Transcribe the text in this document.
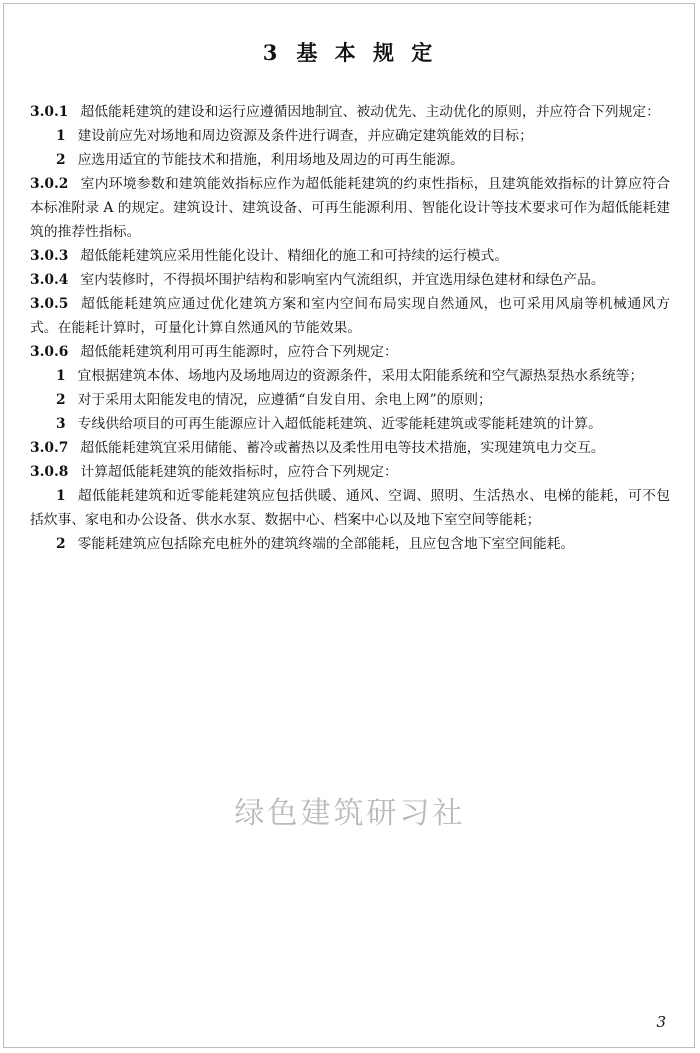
3 基 本 规 定

3.0.1 超低能耗建筑的建设和运行应遵循因地制宜、被动优先、主动优化的原则，并应符合下列规定：

1 建设前应先对场地和周边资源及条件进行调查，并应确定建筑能效的目标；

2 应选用适宜的节能技术和措施，利用场地及周边的可再生能源。

3.0.2 室内环境参数和建筑能效指标应作为超低能耗建筑的约束性指标，且建筑能效指标的计算应符合本标准附录 A 的规定。建筑设计、建筑设备、可再生能源利用、智能化设计等技术要求可作为超低能耗建筑的推荐性指标。

3.0.3 超低能耗建筑应采用性能化设计、精细化的施工和可持续的运行模式。

3.0.4 室内装修时，不得损坏围护结构和影响室内气流组织，并宜选用绿色建材和绿色产品。

3.0.5 超低能耗建筑应通过优化建筑方案和室内空间布局实现自然通风，也可采用风扇等机械通风方式。在能耗计算时，可量化计算自然通风的节能效果。

3.0.6 超低能耗建筑利用可再生能源时，应符合下列规定：

1 宜根据建筑本体、场地内及场地周边的资源条件，采用太阳能系统和空气源热泵热水系统等；

2 对于采用太阳能发电的情况，应遵循“自发自用、余电上网”的原则；

3 专线供给项目的可再生能源应计入超低能耗建筑、近零能耗建筑或零能耗建筑的计算。

3.0.7 超低能耗建筑宜采用储能、蓄冷或蓄热以及柔性用电等技术措施，实现建筑电力交互。

3.0.8 计算超低能耗建筑的能效指标时，应符合下列规定：

1 超低能耗建筑和近零能耗建筑应包括供暖、通风、空调、照明、生活热水、电梯的能耗，可不包括炊事、家电和办公设备、供水水泵、数据中心、档案中心以及地下室空间等能耗；

2 零能耗建筑应包括除充电桩外的建筑终端的全部能耗，且应包含地下室空间能耗。

绿色建筑研习社
3
